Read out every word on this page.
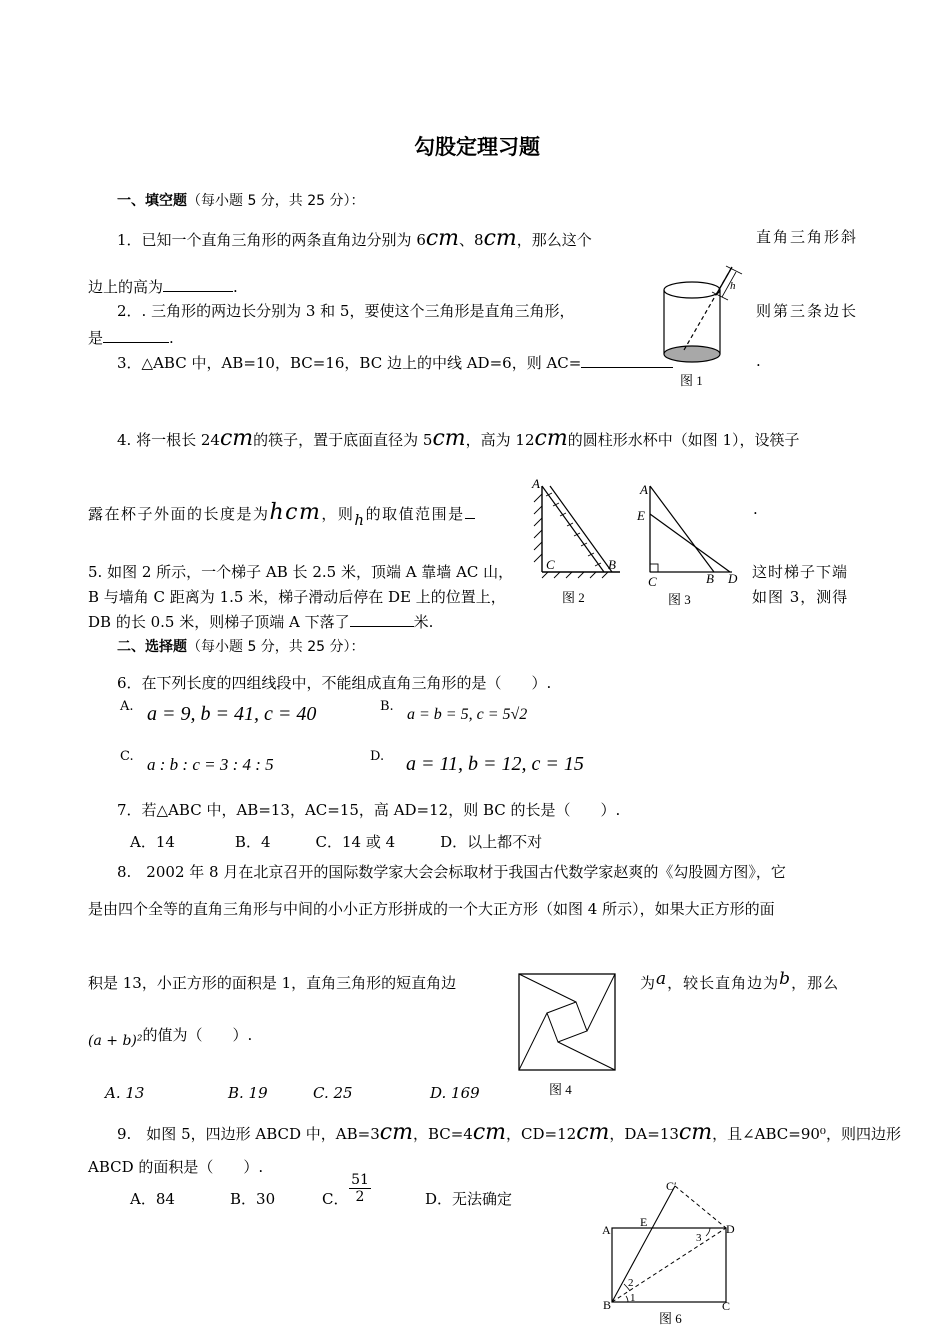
勾股定理习题
一、填空题（每小题 5 分，共 25 分）：
1．已知一个直角三角形的两条直角边分别为 6cm、8cm，那么这个	直角三角形斜
边上的高为	.
2．. 三角形的两边长分别为 3 和 5，要使这个三角形是直角三角形，	则第三条边长
是	.
3．△ABC 中，AB=10，BC=16，BC 边上的中线 AD=6，则 AC=	.
h
图 1
4. 将一根长 24cm的筷子，置于底面直径为 5cm，高为 12cm的圆柱形水杯中（如图 1），设筷子
露在杯子外面的长度是为hcm，则h的取值范围是	.
A
C	B
图 2
A
E
C	B D
图 3
5. 如图 2 所示，一个梯子 AB 长 2.5 米，顶端 A 靠墙 AC 山，	这时梯子下端
B 与墙角 C 距离为 1.5 米，梯子滑动后停在 DE 上的位置上，	如图 3，测得
DB 的长 0.5 米，则梯子顶端 A 下落了	米.
二、选择题（每小题 5 分，共 25 分）：
6．在下列长度的四组线段中，不能组成直角三角形的是（　　）.
A. a = 9, b = 41, c = 40	B. a = b = 5, c = 5√2
C. a : b : c = 3 : 4 : 5	D. a = 11, b = 12, c = 15
7．若△ABC 中，AB=13，AC=15，高 AD=12，则 BC 的长是（　　）.
A．14　　　　B．4　　　C．14 或 4　　　D．以上都不对
8.　2002 年 8 月在北京召开的国际数学家大会会标取材于我国古代数学家赵爽的《勾股圆方图》，它
是由四个全等的直角三角形与中间的小小正方形拼成的一个大正方形（如图 4 所示），如果大正方形的面
积是 13，小正方形的面积是 1，直角三角形的短直角边	为a，较长直角边为b，那么
(a + b)²的值为（　　）.
图 4
A. 13	B. 19	C. 25	D. 169
9.　如图 5，四边形 ABCD 中，AB=3cm，BC=4cm，CD=12cm，DA=13cm，且∠ABC=90⁰，则四边形
ABCD 的面积是（　　）.
A．84	B．30	C． $\frac{51}{2}$	D．无法确定
C′
E	D
A
3
2
1
B	C
图 6
